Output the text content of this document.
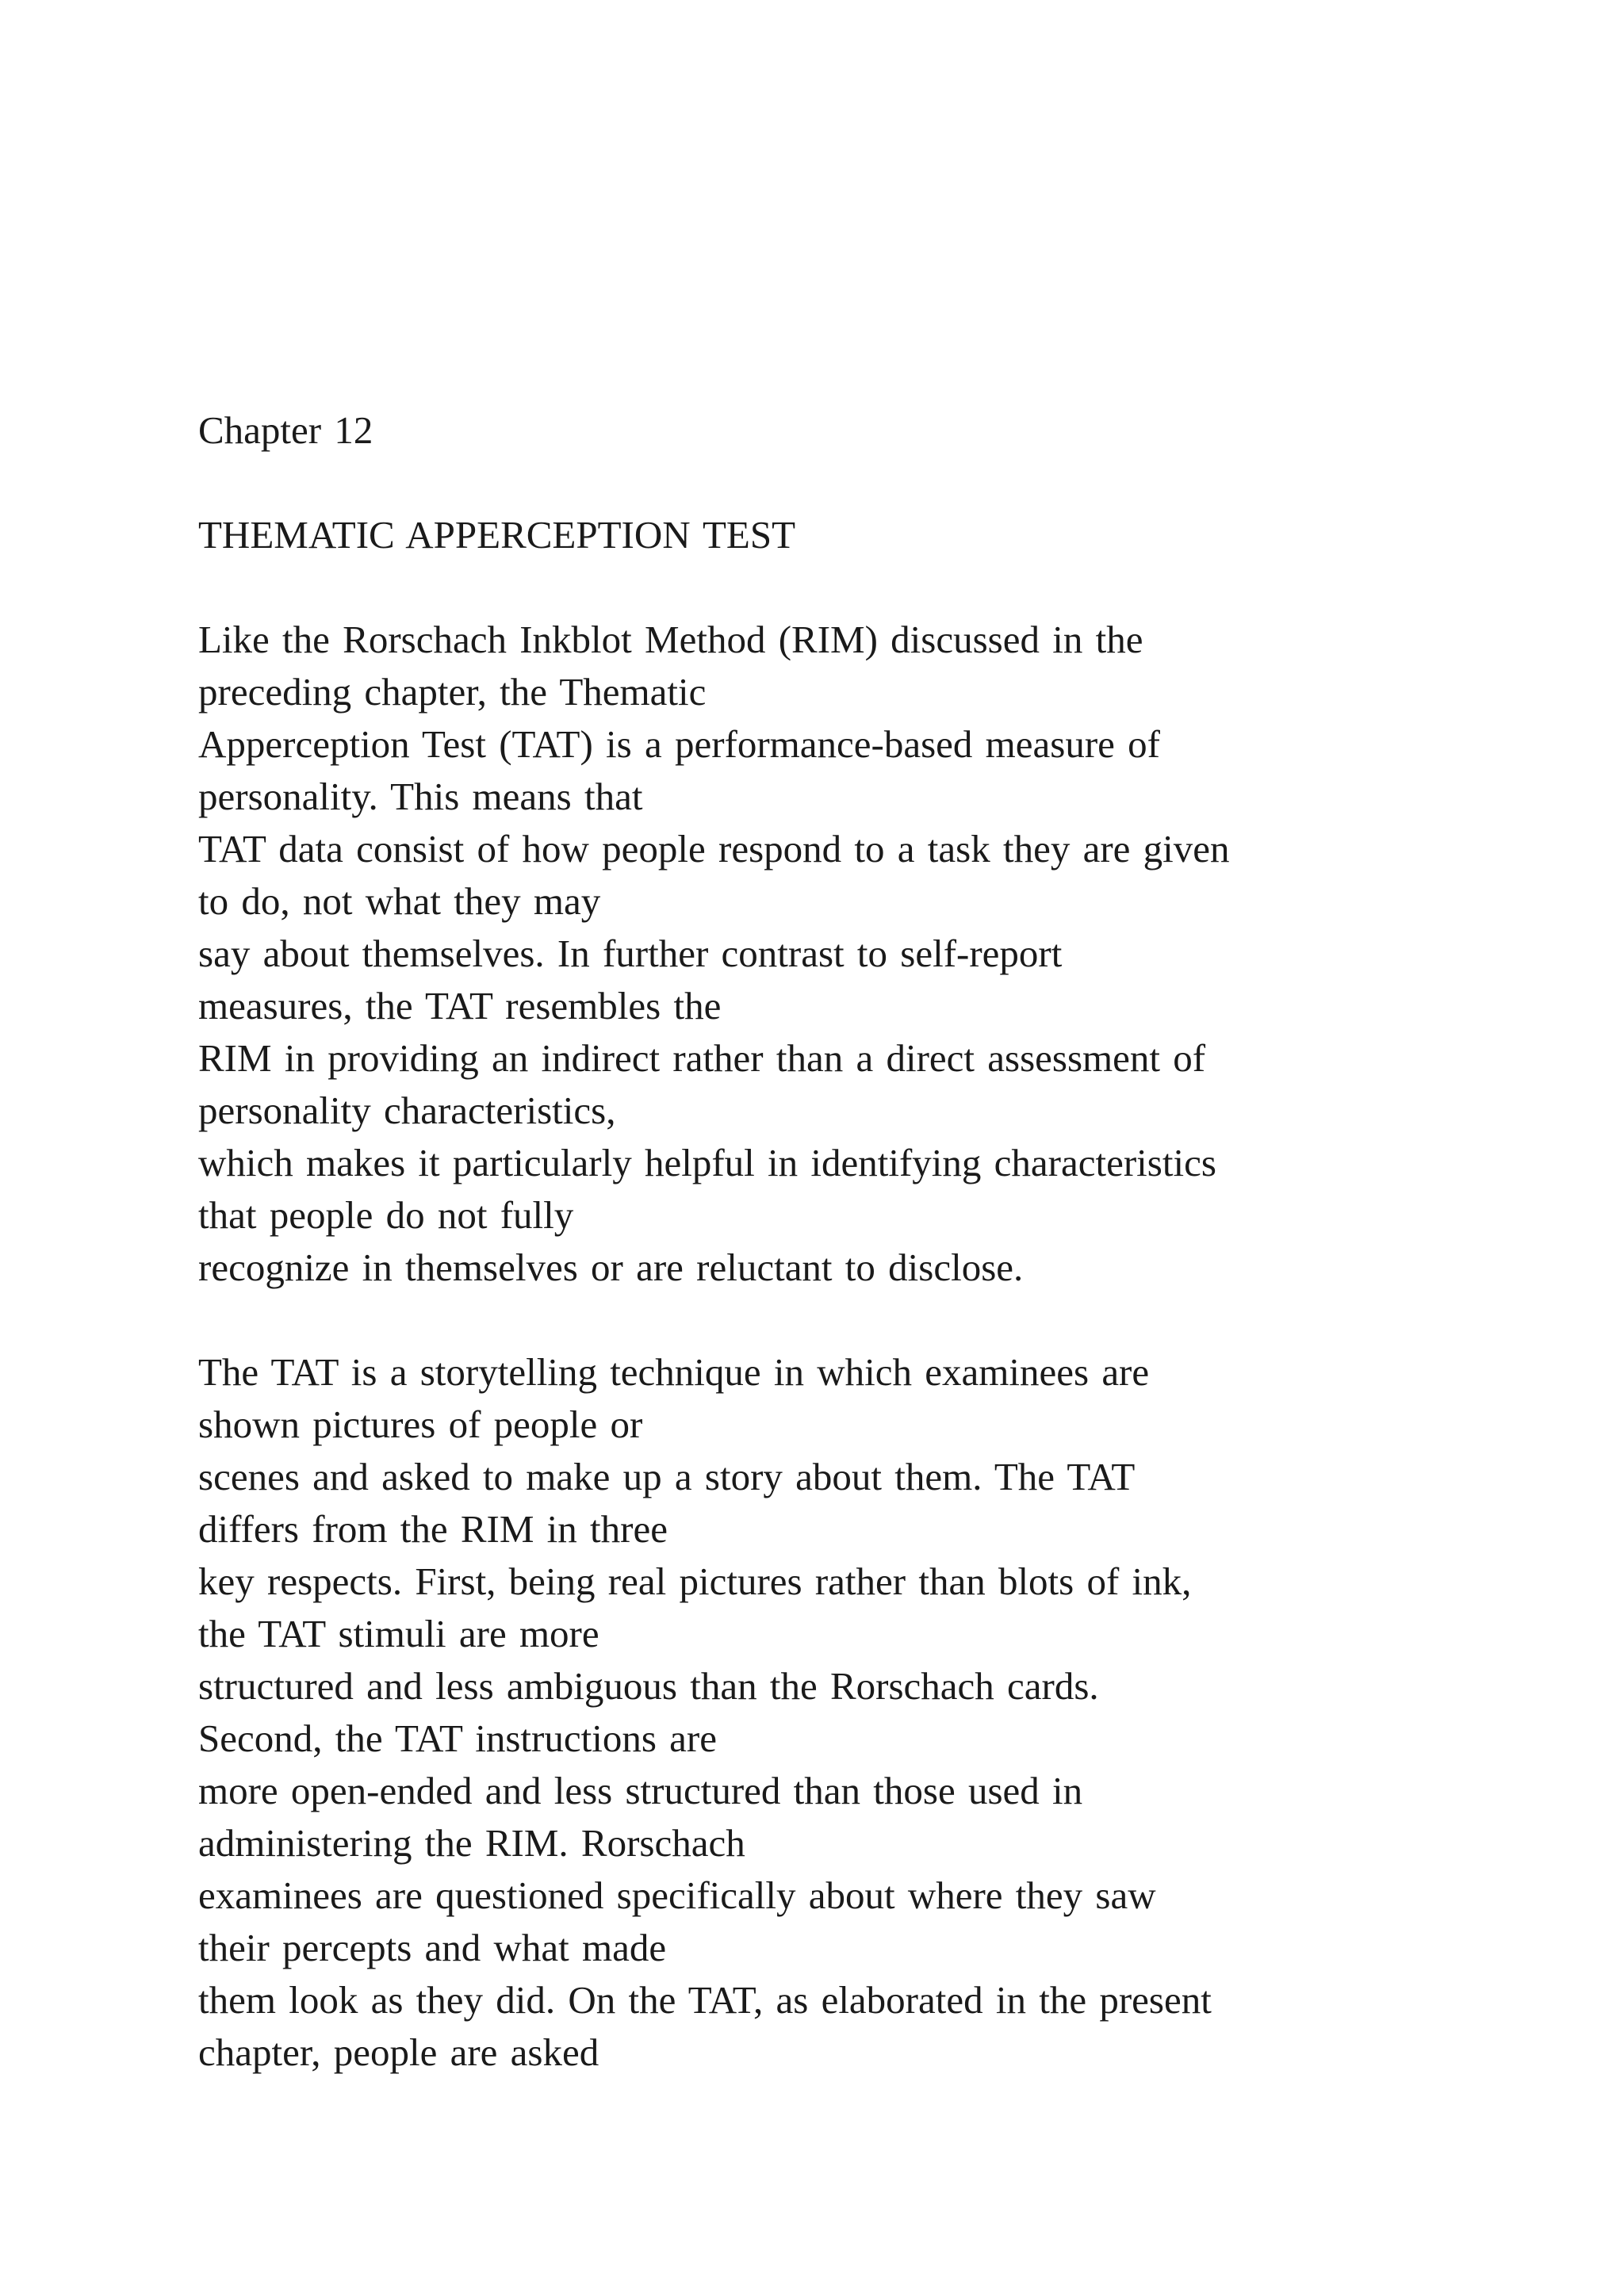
Chapter 12
THEMATIC APPERCEPTION TEST
Like the Rorschach Inkblot Method (RIM) discussed in the
preceding chapter, the Thematic
Apperception Test (TAT) is a performance-based measure of
personality. This means that
TAT data consist of how people respond to a task they are given
to do, not what they may
say about themselves. In further contrast to self-report
measures, the TAT resembles the
RIM in providing an indirect rather than a direct assessment of
personality characteristics,
which makes it particularly helpful in identifying characteristics
that people do not fully
recognize in themselves or are reluctant to disclose.
The TAT is a storytelling technique in which examinees are
shown pictures of people or
scenes and asked to make up a story about them. The TAT
differs from the RIM in three
key respects. First, being real pictures rather than blots of ink,
the TAT stimuli are more
structured and less ambiguous than the Rorschach cards.
Second, the TAT instructions are
more open-ended and less structured than those used in
administering the RIM. Rorschach
examinees are questioned specifically about where they saw
their percepts and what made
them look as they did. On the TAT, as elaborated in the present
chapter, people are asked
